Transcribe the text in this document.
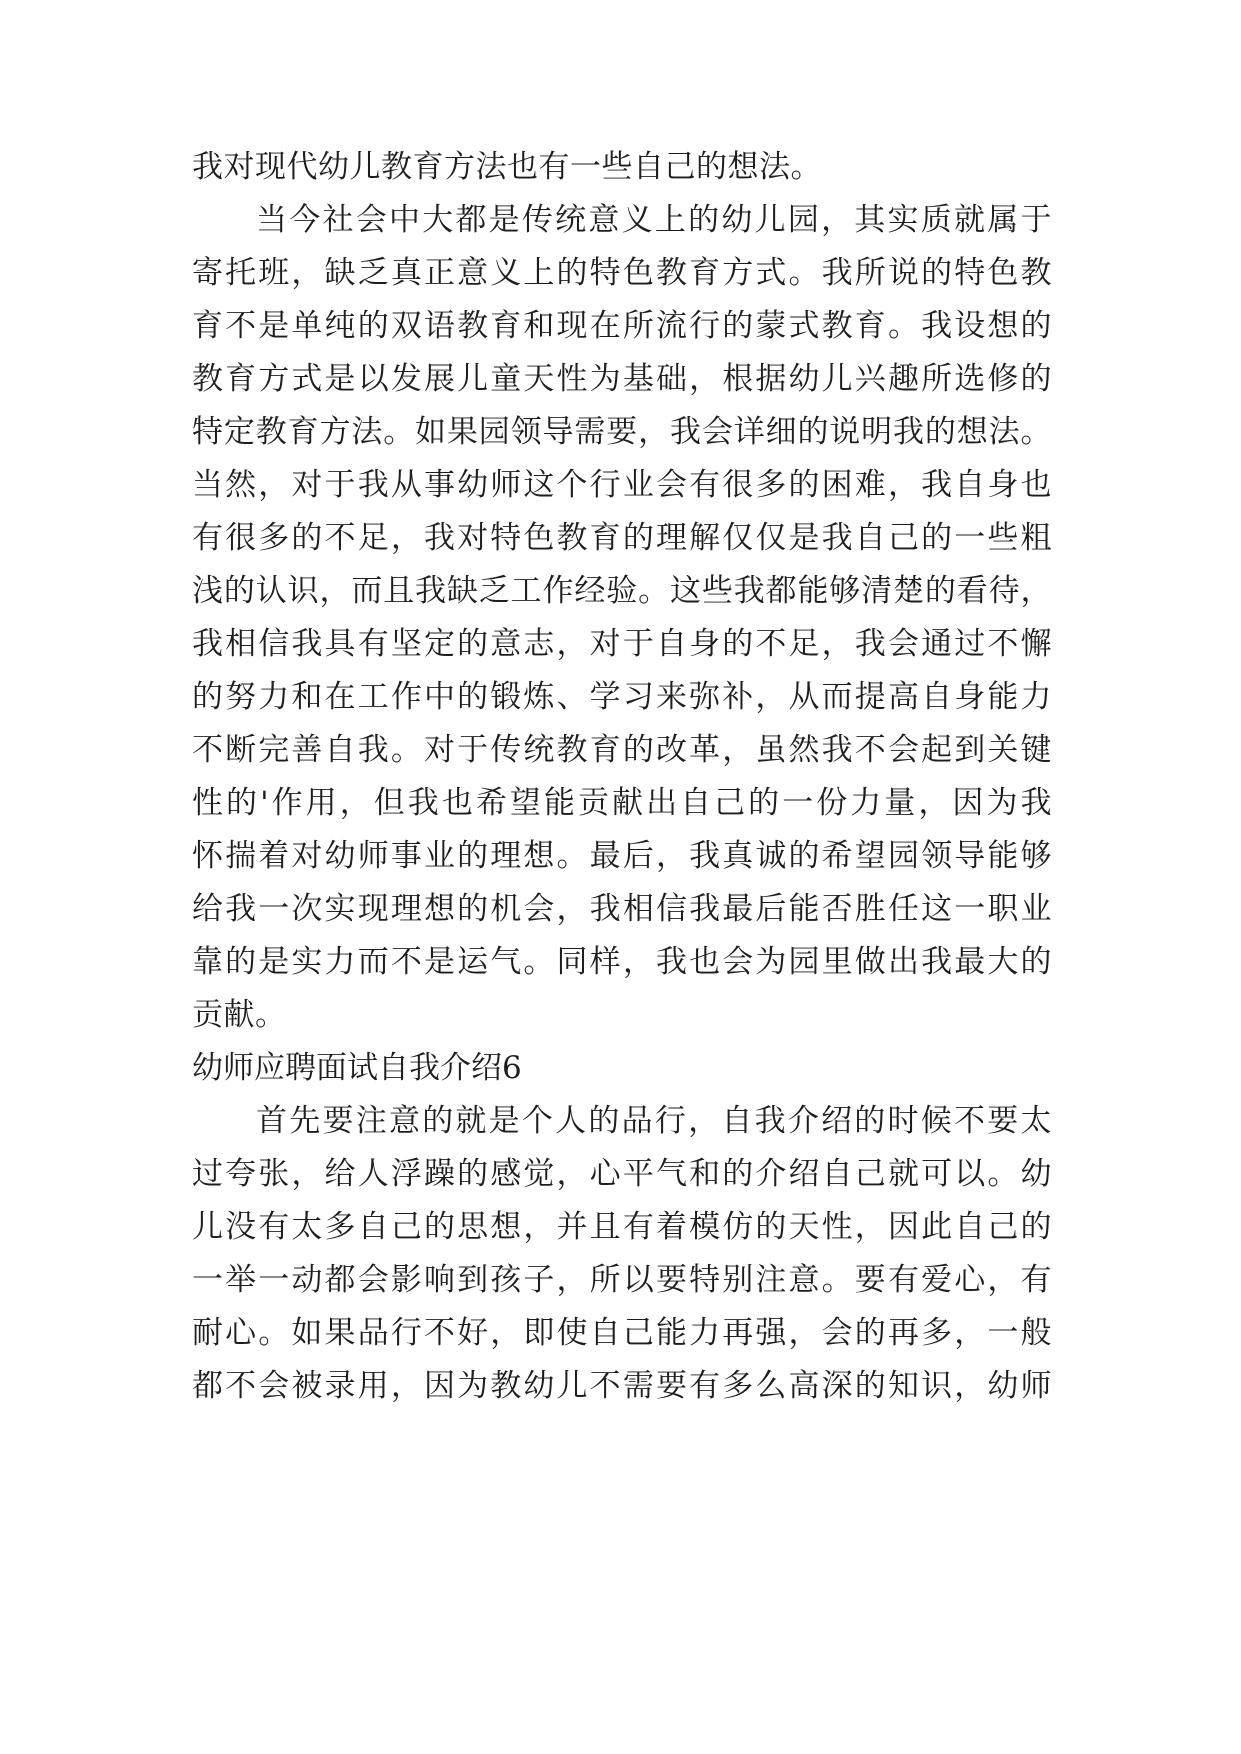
我对现代幼儿教育方法也有一些自己的想法。

当今社会中大都是传统意义上的幼儿园，其实质就属于

寄托班，缺乏真正意义上的特色教育方式。我所说的特色教

育不是单纯的双语教育和现在所流行的蒙式教育。我设想的

教育方式是以发展儿童天性为基础，根据幼儿兴趣所选修的

特定教育方法。如果园领导需要，我会详细的说明我的想法。

当然，对于我从事幼师这个行业会有很多的困难，我自身也

有很多的不足，我对特色教育的理解仅仅是我自己的一些粗

浅的认识，而且我缺乏工作经验。这些我都能够清楚的看待，

我相信我具有坚定的意志，对于自身的不足，我会通过不懈

的努力和在工作中的锻炼、学习来弥补，从而提高自身能力

不断完善自我。对于传统教育的改革，虽然我不会起到关键

性的'作用，但我也希望能贡献出自己的一份力量，因为我

怀揣着对幼师事业的理想。最后，我真诚的希望园领导能够

给我一次实现理想的机会，我相信我最后能否胜任这一职业

靠的是实力而不是运气。同样，我也会为园里做出我最大的

贡献。

幼师应聘面试自我介绍6

首先要注意的就是个人的品行，自我介绍的时候不要太

过夸张，给人浮躁的感觉，心平气和的介绍自己就可以。幼

儿没有太多自己的思想，并且有着模仿的天性，因此自己的

一举一动都会影响到孩子，所以要特别注意。要有爱心，有

耐心。如果品行不好，即使自己能力再强，会的再多，一般

都不会被录用，因为教幼儿不需要有多么高深的知识，幼师
